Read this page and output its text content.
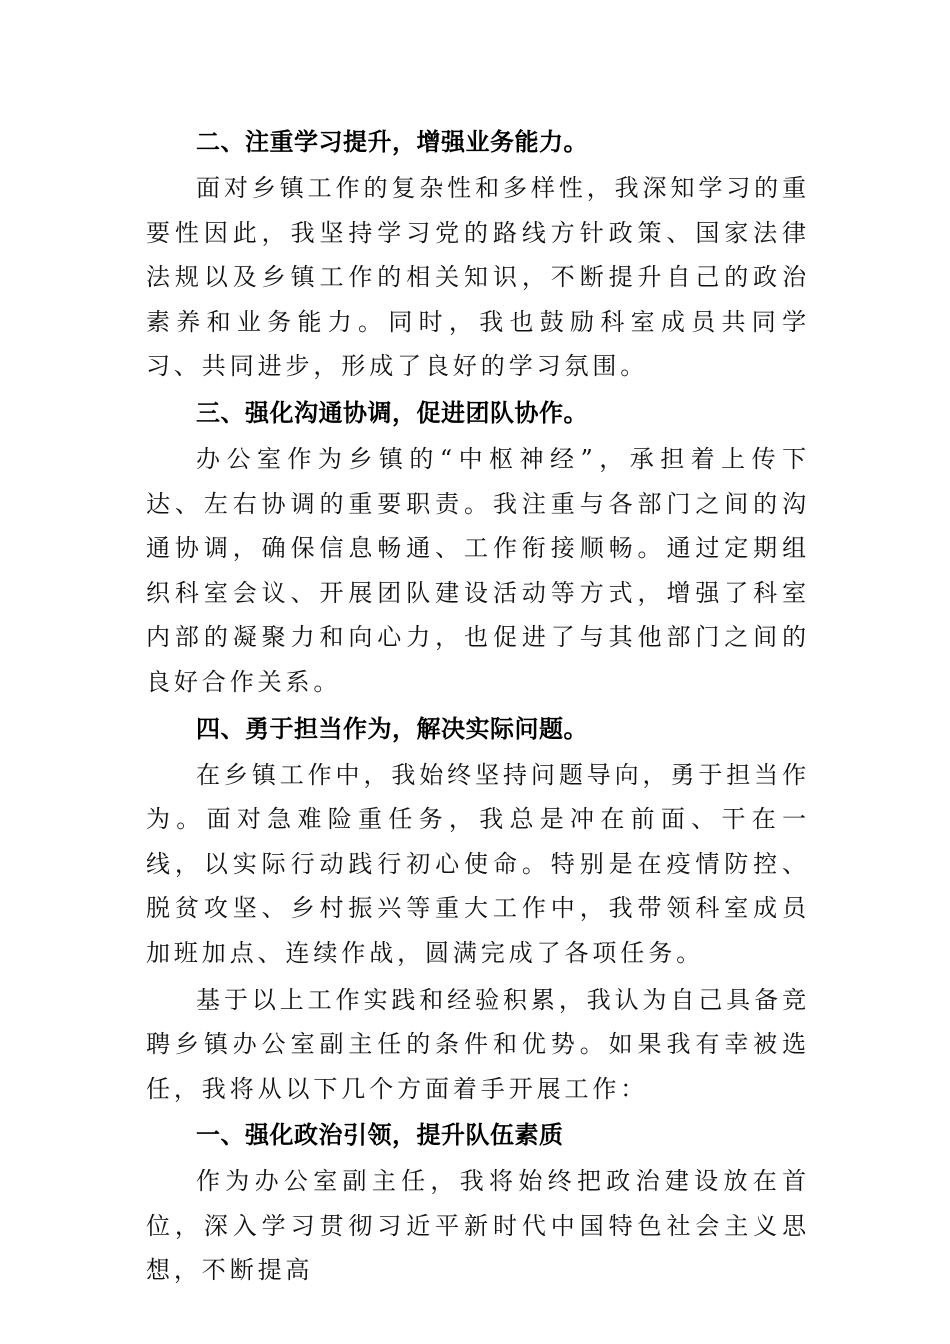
二、注重学习提升，增强业务能力。

面对乡镇工作的复杂性和多样性，我深知学习的重要性因此，我坚持学习党的路线方针政策、国家法律法规以及乡镇工作的相关知识，不断提升自己的政治素养和业务能力。同时，我也鼓励科室成员共同学习、共同进步，形成了良好的学习氛围。

三、强化沟通协调，促进团队协作。

办公室作为乡镇的“中枢神经”，承担着上传下达、左右协调的重要职责。我注重与各部门之间的沟通协调，确保信息畅通、工作衔接顺畅。通过定期组织科室会议、开展团队建设活动等方式，增强了科室内部的凝聚力和向心力，也促进了与其他部门之间的良好合作关系。

四、勇于担当作为，解决实际问题。

在乡镇工作中，我始终坚持问题导向，勇于担当作为。面对急难险重任务，我总是冲在前面、干在一线，以实际行动践行初心使命。特别是在疫情防控、脱贫攻坚、乡村振兴等重大工作中，我带领科室成员加班加点、连续作战，圆满完成了各项任务。

基于以上工作实践和经验积累，我认为自己具备竞聘乡镇办公室副主任的条件和优势。如果我有幸被选任，我将从以下几个方面着手开展工作：

一、强化政治引领，提升队伍素质

作为办公室副主任，我将始终把政治建设放在首位，深入学习贯彻习近平新时代中国特色社会主义思想，不断提高
